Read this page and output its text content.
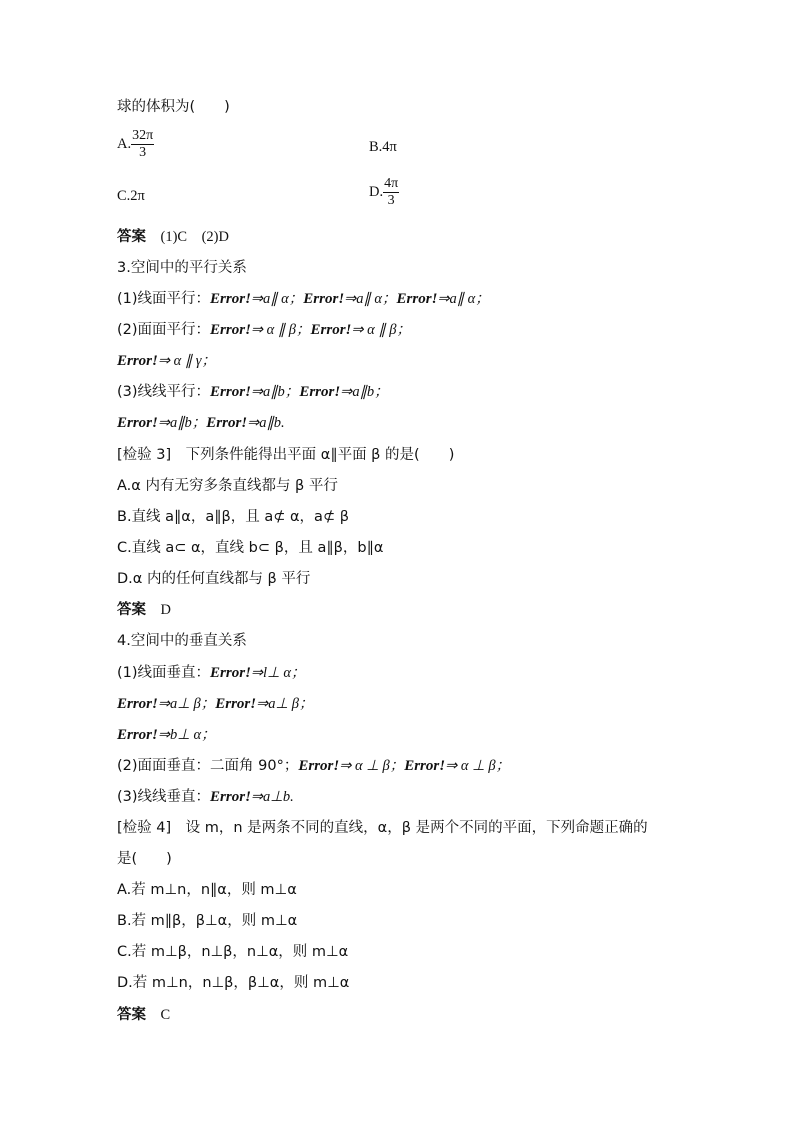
球的体积为(　　)
A. $\frac{32\pi}{3}$	B.4π
C.2π	D. $\frac{4\pi}{3}$
答案　 (1)C　(2)D
3.空间中的平行关系
(1)线面平行：Error!⇒a∥ α；Error!⇒a∥ α；Error!⇒a∥ α；
(2)面面平行：Error!⇒ α ∥ β；Error!⇒ α ∥ β；
Error!⇒ α ∥ γ；
(3)线线平行：Error!⇒a∥b；Error!⇒a∥b；
Error!⇒a∥b；Error!⇒a∥b.
[检验 3]　下列条件能得出平面 α∥平面 β 的是(　　)
A.α 内有无穷多条直线都与 β 平行
B.直线 a∥α，a∥β，且 a⊄ α，a⊄ β
C.直线 a⊂ α，直线 b⊂ β，且 a∥β，b∥α
D.α 内的任何直线都与 β 平行
答案　 D
4.空间中的垂直关系
(1)线面垂直：Error!⇒l⊥ α；
Error!⇒a⊥ β；Error!⇒a⊥ β；
Error!⇒b⊥ α；
(2)面面垂直：二面角 90°；Error!⇒ α ⊥ β；Error!⇒ α ⊥ β；
(3)线线垂直：Error!⇒a⊥b.
[检验 4]　设 m，n 是两条不同的直线，α，β 是两个不同的平面，下列命题正确的
是(　　)
A.若 m⊥n，n∥α，则 m⊥α
B.若 m∥β，β⊥α，则 m⊥α
C.若 m⊥β，n⊥β，n⊥α，则 m⊥α
D.若 m⊥n，n⊥β，β⊥α，则 m⊥α
答案　 C
